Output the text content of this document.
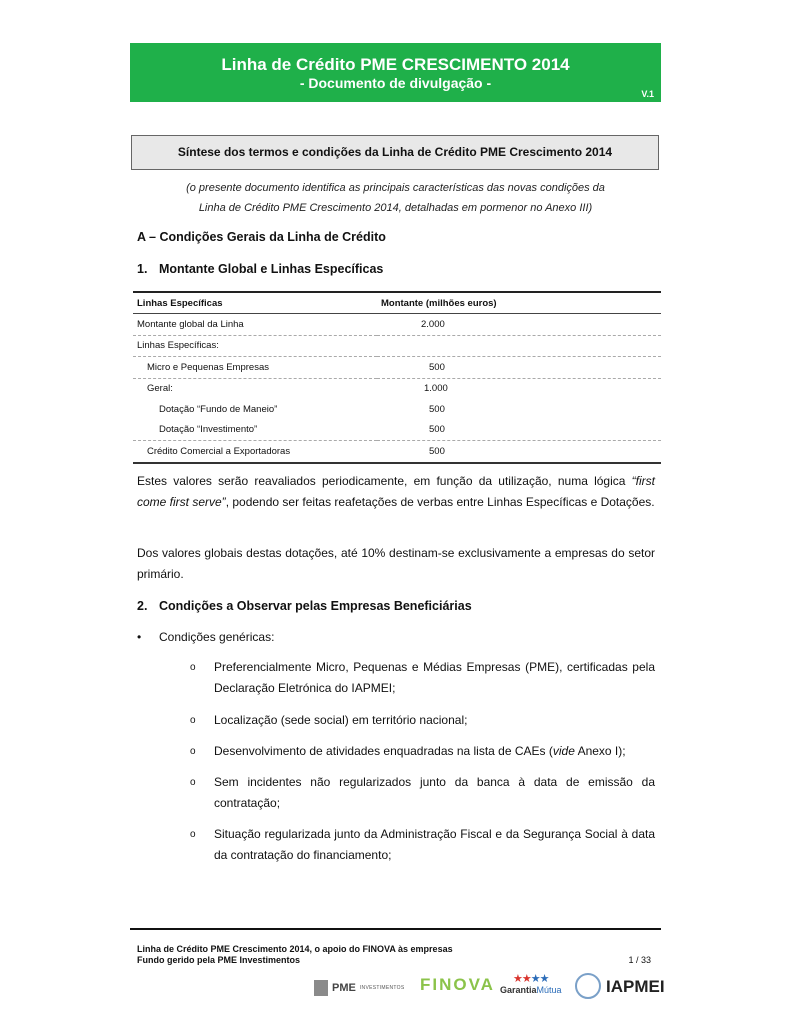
Linha de Crédito PME CRESCIMENTO 2014
- Documento de divulgação -
V.1
Síntese dos termos e condições da Linha de Crédito PME Crescimento 2014
(o presente documento identifica as principais características das novas condições da
Linha de Crédito PME Crescimento 2014, detalhadas em pormenor no Anexo III)
A – Condições Gerais da Linha de Crédito
1. Montante Global e Linhas Específicas
Linhas Específicas	Montante (milhões euros)
Montante global da Linha	2.000
Linhas Específicas:	
Micro e Pequenas Empresas	500
Geral:	1.000
Dotação “Fundo de Maneio”	500
Dotação “Investimento”	500
Crédito Comercial a Exportadoras	500
Estes valores serão reavaliados periodicamente, em função da utilização, numa lógica “first come first serve”, podendo ser feitas reafetações de verbas entre Linhas Específicas e Dotações.
Dos valores globais destas dotações, até 10% destinam-se exclusivamente a empresas do setor primário.
2. Condições a Observar pelas Empresas Beneficiárias
• Condições genéricas:
o Preferencialmente Micro, Pequenas e Médias Empresas (PME), certificadas pela Declaração Eletrónica do IAPMEI;
o Localização (sede social) em território nacional;
o Desenvolvimento de atividades enquadradas na lista de CAEs (vide Anexo I);
o Sem incidentes não regularizados junto da banca à data de emissão da contratação;
o Situação regularizada junto da Administração Fiscal e da Segurança Social à data da contratação do financiamento;
Linha de Crédito PME Crescimento 2014, o apoio do FINOVA às empresas
Fundo gerido pela PME Investimentos	1 / 33
PME INVESTIMENTOS FINOVA	★★★★
GarantiaMútua	IAPMEI
